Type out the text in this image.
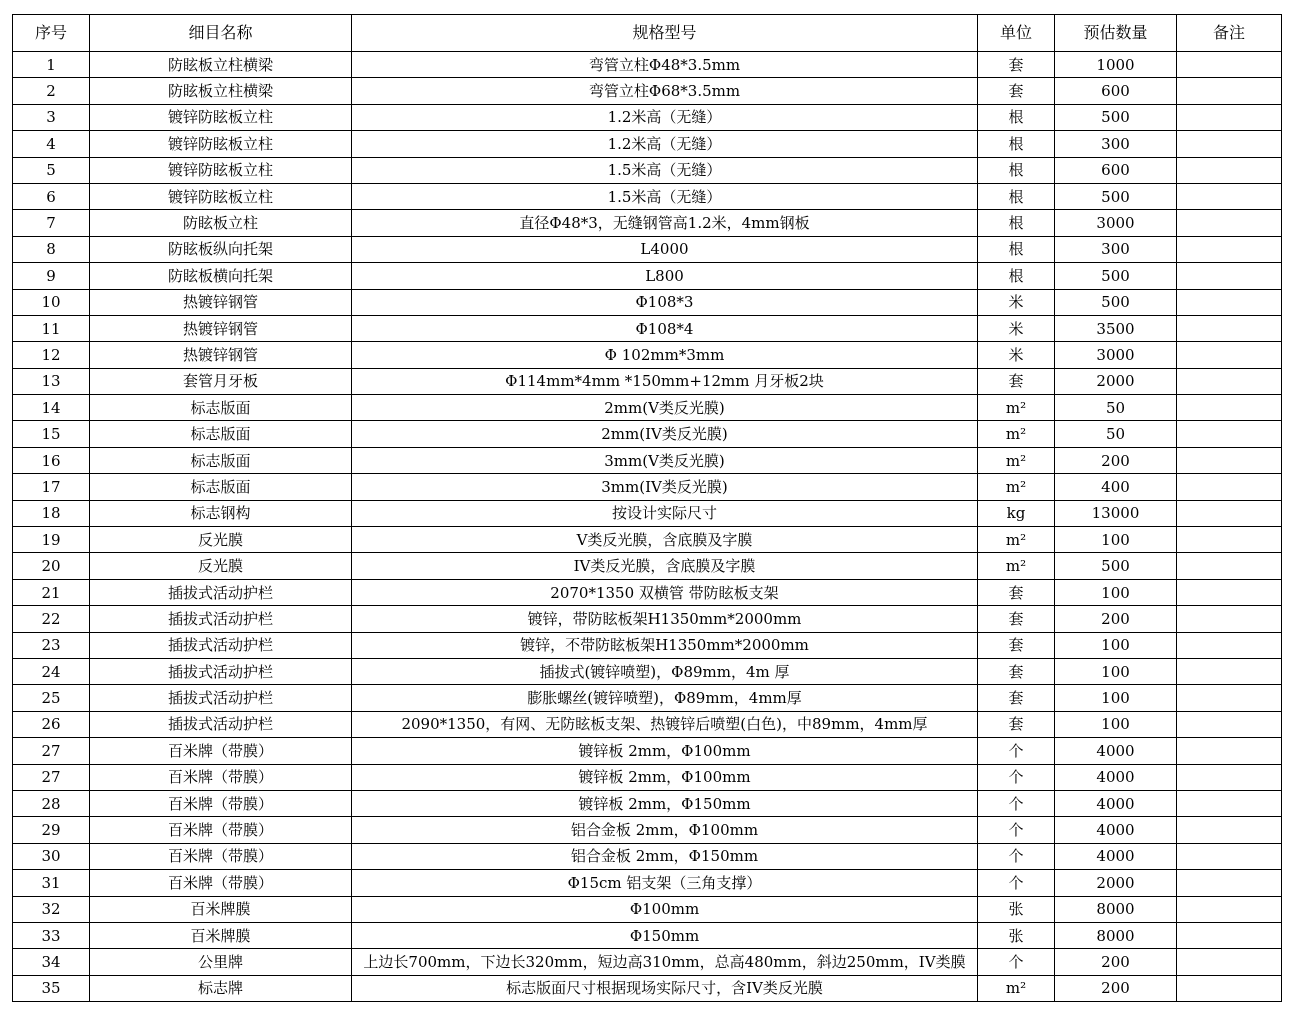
序号	细目名称	规格型号	单位	预估数量	备注
1	防眩板立柱横梁	弯管立柱Φ48*3.5mm	套	1000	
2	防眩板立柱横梁	弯管立柱Φ68*3.5mm	套	600	
3	镀锌防眩板立柱	1.2米高（无缝）	根	500	
4	镀锌防眩板立柱	1.2米高（无缝）	根	300	
5	镀锌防眩板立柱	1.5米高（无缝）	根	600	
6	镀锌防眩板立柱	1.5米高（无缝）	根	500	
7	防眩板立柱	直径Φ48*3，无缝钢管高1.2米，4mm钢板	根	3000	
8	防眩板纵向托架	L4000	根	300	
9	防眩板横向托架	L800	根	500	
10	热镀锌钢管	Φ108*3	米	500	
11	热镀锌钢管	Φ108*4	米	3500	
12	热镀锌钢管	Φ 102mm*3mm	米	3000	
13	套管月牙板	Φ114mm*4mm *150mm+12mm 月牙板2块	套	2000	
14	标志版面	2mm(V类反光膜)	m²	50	
15	标志版面	2mm(IV类反光膜)	m²	50	
16	标志版面	3mm(V类反光膜)	m²	200	
17	标志版面	3mm(IV类反光膜)	m²	400	
18	标志钢构	按设计实际尺寸	kg	13000	
19	反光膜	V类反光膜，含底膜及字膜	m²	100	
20	反光膜	IV类反光膜，含底膜及字膜	m²	500	
21	插拔式活动护栏	2070*1350 双横管 带防眩板支架	套	100	
22	插拔式活动护栏	镀锌，带防眩板架H1350mm*2000mm	套	200	
23	插拔式活动护栏	镀锌，不带防眩板架H1350mm*2000mm	套	100	
24	插拔式活动护栏	插拔式(镀锌喷塑)，Φ89mm，4m 厚	套	100	
25	插拔式活动护栏	膨胀螺丝(镀锌喷塑)，Φ89mm，4mm厚	套	100	
26	插拔式活动护栏	2090*1350，有网、无防眩板支架、热镀锌后喷塑(白色)，中89mm，4mm厚	套	100	
27	百米牌（带膜）	镀锌板 2mm，Φ100mm	个	4000	
27	百米牌（带膜）	镀锌板 2mm，Φ100mm	个	4000	
28	百米牌（带膜）	镀锌板 2mm，Φ150mm	个	4000	
29	百米牌（带膜）	铝合金板 2mm，Φ100mm	个	4000	
30	百米牌（带膜）	铝合金板 2mm，Φ150mm	个	4000	
31	百米牌（带膜）	Φ15cm 铝支架（三角支撑）	个	2000	
32	百米牌膜	Φ100mm	张	8000	
33	百米牌膜	Φ150mm	张	8000	
34	公里牌	上边长700mm，下边长320mm，短边高310mm，总高480mm，斜边250mm，IV类膜	个	200	
35	标志牌	标志版面尺寸根据现场实际尺寸，含IV类反光膜	m²	200	
